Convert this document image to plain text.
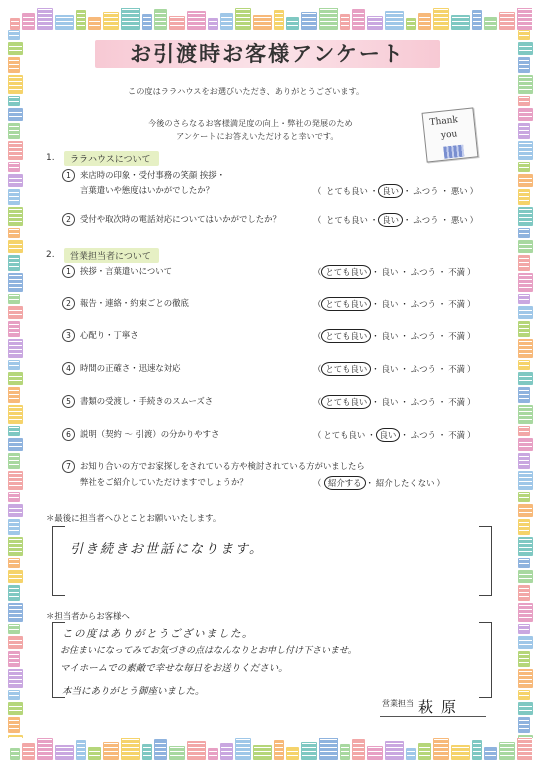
お引渡時お客様アンケート
この度はララハウスをお選びいただき、ありがとうございます。
今後のさらなるお客様満足度の向上・弊社の発展のため
アンケートにお答えいただけると幸いです。
Thank
you
1.	ララハウスについて
1 来店時の印象・受付事務の笑顔 挨拶・
言葉遣いや態度はいかがでしたか？	（ とても良い ・ 良い ・ ふつう ・ 悪い ）
2 受付や取次時の電話対応についてはいかがでしたか？	（ とても良い ・ 良い ・ ふつう ・ 悪い ）
2.	営業担当者について
1 挨拶・言葉遣いについて	（ とても良い ・ 良い ・ ふつう ・ 不満 ）
2 報告・連絡・約束ごとの徹底	（ とても良い ・ 良い ・ ふつう ・ 不満 ）
3 心配り・丁寧さ	（ とても良い ・ 良い ・ ふつう ・ 不満 ）
4 時間の正確さ・迅速な対応	（ とても良い ・ 良い ・ ふつう ・ 不満 ）
5 書類の受渡し・手続きのスムーズさ	（ とても良い ・ 良い ・ ふつう ・ 不満 ）
6 説明（契約 ～ 引渡）の分かりやすさ	（ とても良い ・ 良い ・ ふつう ・ 不満 ）
7 お知り合いの方でお家探しをされている方や検討されている方がいましたら
弊社をご紹介していただけますでしょうか？	（ 紹介する ・ 紹介したくない ）
＊最後に担当者へひとことお願いいたします。
引き続きお世話になります。
＊担当者からお客様へ
この度はありがとうございました。
お住まいになってみてお気づきの点はなんなりとお申し付け下さいませ。
マイホームでの素敵で幸せな毎日をお送りください。
本当にありがとう御座いました。
営業担当 萩原
